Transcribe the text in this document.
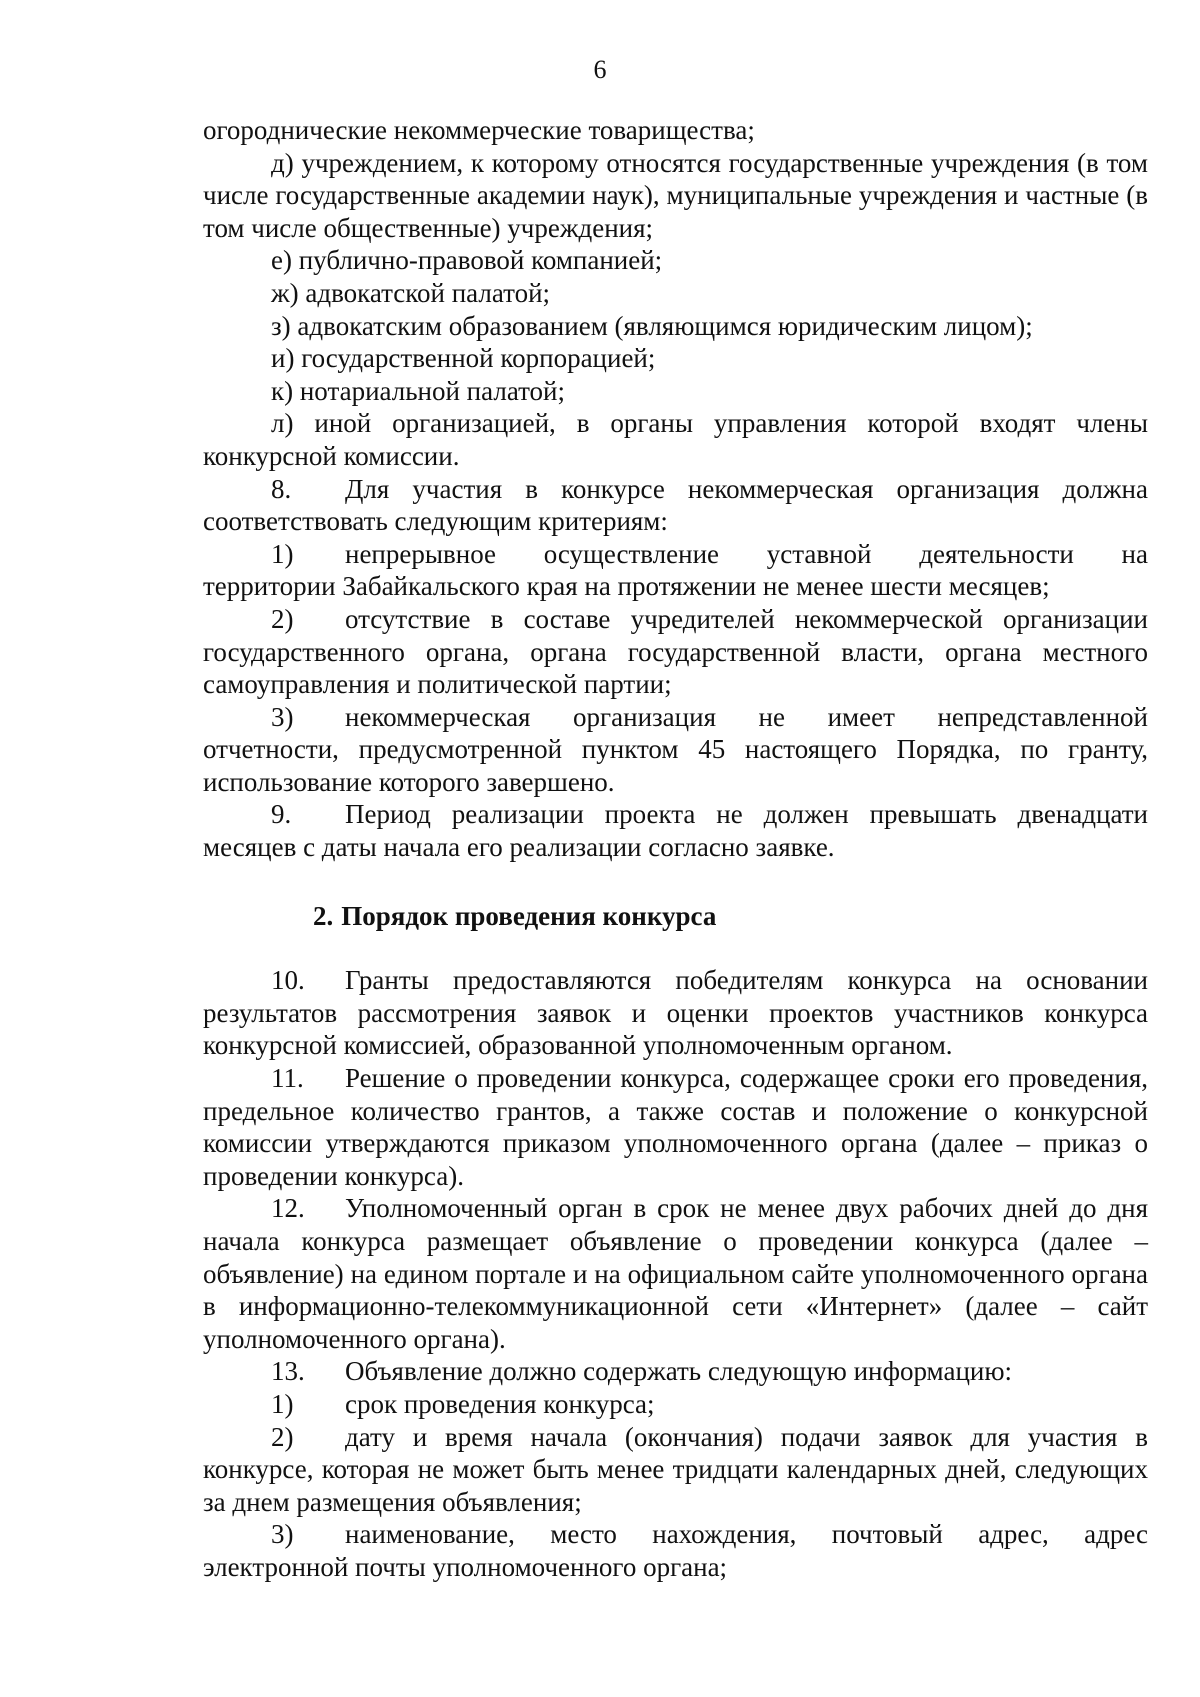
6

огороднические некоммерческие товарищества;

д) учреждением, к которому относятся государственные учреждения (в том числе государственные академии наук), муниципальные учреждения и частные (в том числе общественные) учреждения;

е) публично-правовой компанией;

ж) адвокатской палатой;

з) адвокатским образованием (являющимся юридическим лицом);

и) государственной корпорацией;

к) нотариальной палатой;

л) иной организацией, в органы управления которой входят члены конкурсной комиссии.

8. Для участия в конкурсе некоммерческая организация должна соответствовать следующим критериям:

1) непрерывное осуществление уставной деятельности на

территории Забайкальского края на протяжении не менее шести месяцев;

2) отсутствие в составе учредителей некоммерческой организации государственного органа, органа государственной власти, органа местного самоуправления и политической партии;

3) некоммерческая организация не имеет непредставленной

отчетности, предусмотренной пунктом 45 настоящего Порядка, по гранту, использование которого завершено.

9. Период реализации проекта не должен превышать двенадцати месяцев с даты начала его реализации согласно заявке.

2. Порядок проведения конкурса

10. Гранты предоставляются победителям конкурса на основании результатов рассмотрения заявок и оценки проектов участников конкурса конкурсной комиссией, образованной уполномоченным органом.

11. Решение о проведении конкурса, содержащее сроки его проведения, предельное количество грантов, а также состав и положение о конкурсной комиссии утверждаются приказом уполномоченного органа (далее – приказ о проведении конкурса).

12. Уполномоченный орган в срок не менее двух рабочих дней до дня начала конкурса размещает объявление о проведении конкурса (далее – объявление) на едином портале и на официальном сайте уполномоченного органа в информационно-телекоммуникационной сети «Интернет» (далее – сайт уполномоченного органа).

13. Объявление должно содержать следующую информацию:

1) срок проведения конкурса;

2) дату и время начала (окончания) подачи заявок для участия в конкурсе, которая не может быть менее тридцати календарных дней, следующих за днем размещения объявления;

3) наименование, место нахождения, почтовый адрес, адрес

электронной почты уполномоченного органа;
